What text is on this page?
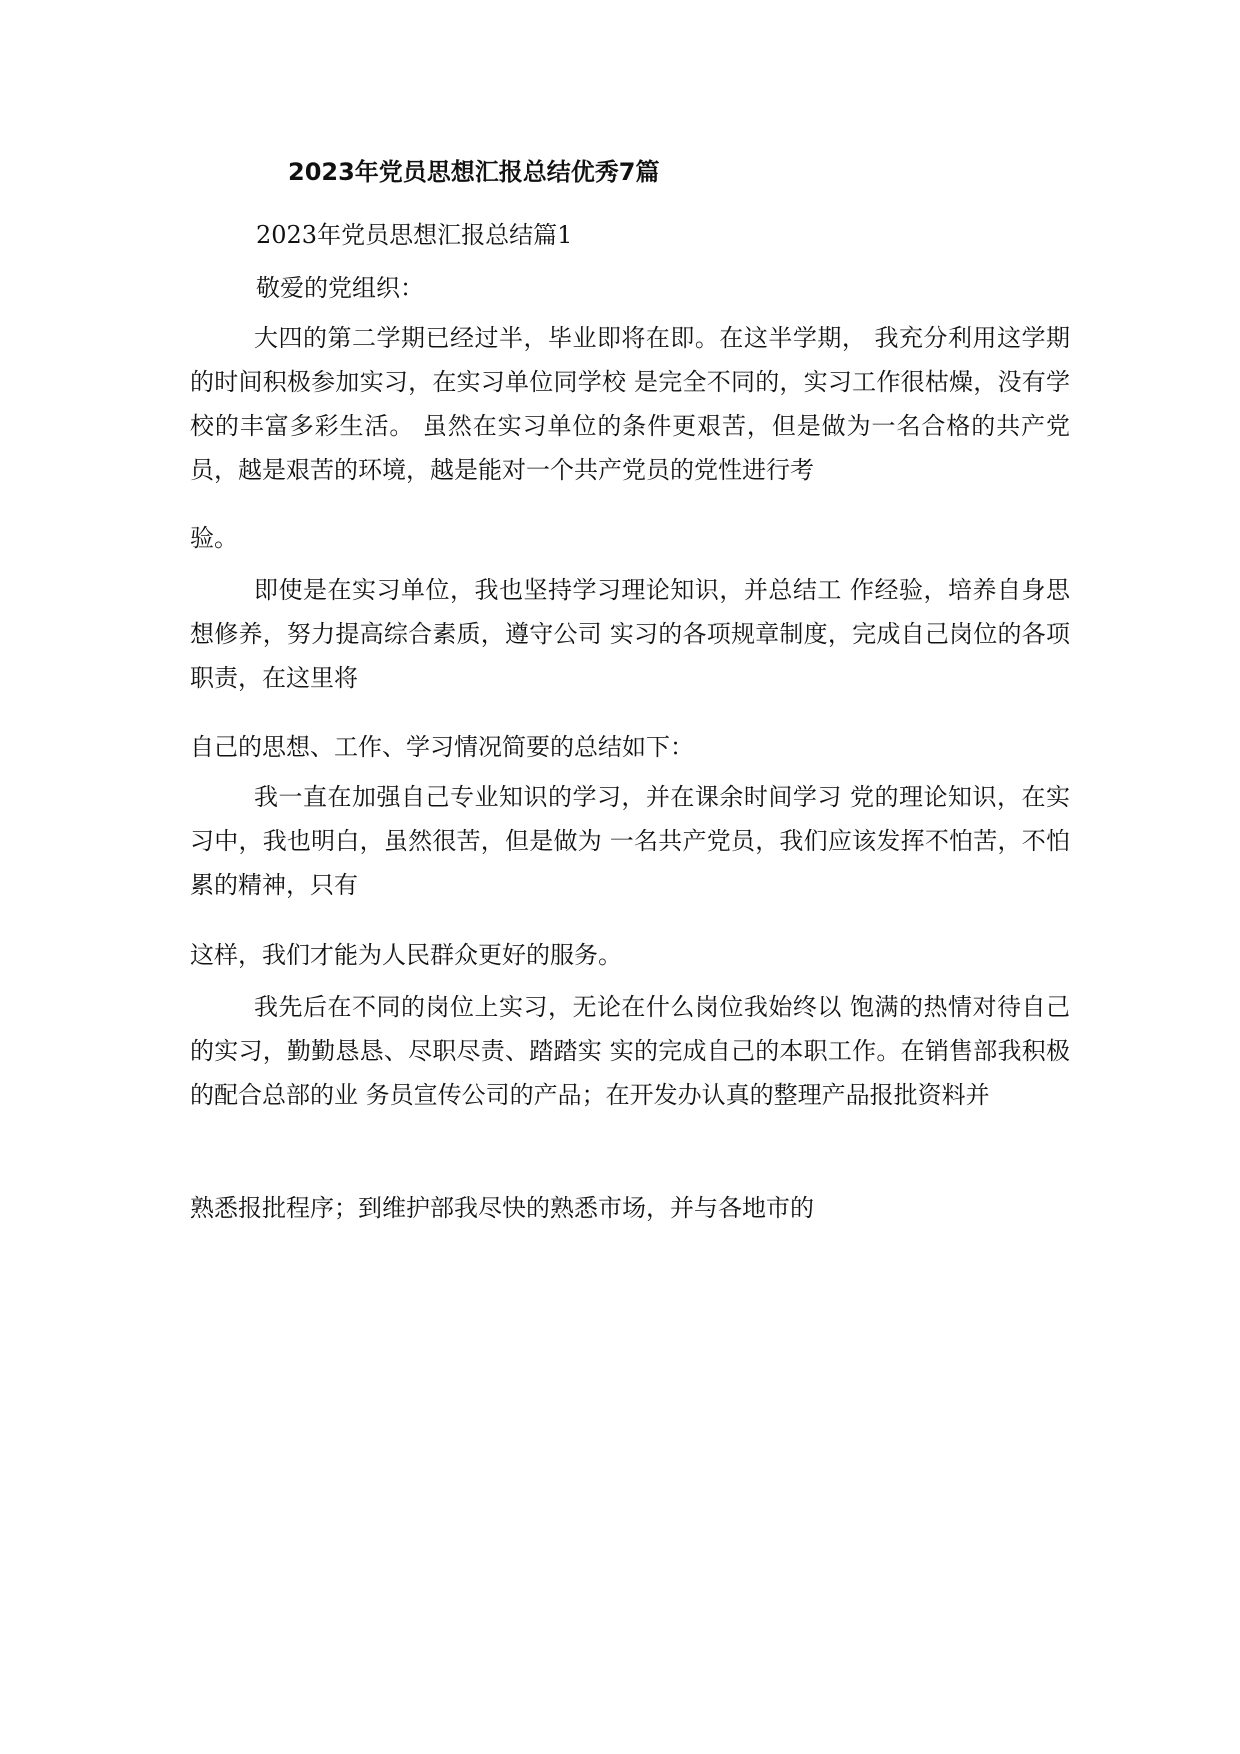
2023年党员思想汇报总结优秀7篇
2023年党员思想汇报总结篇1
敬爱的党组织：

大四的第二学期已经过半，毕业即将在即。在这半学期， 我充分利用这学期的时间积极参加实习，在实习单位同学校 是完全不同的，实习工作很枯燥，没有学校的丰富多彩生活。 虽然在实习单位的条件更艰苦，但是做为一名合格的共产党 员，越是艰苦的环境，越是能对一个共产党员的党性进行考

验。

即使是在实习单位，我也坚持学习理论知识，并总结工 作经验，培养自身思想修养，努力提高综合素质，遵守公司 实习的各项规章制度，完成自己岗位的各项职责，在这里将

自己的思想、工作、学习情况简要的总结如下：

我一直在加强自己专业知识的学习，并在课余时间学习 党的理论知识，在实习中，我也明白，虽然很苦，但是做为 一名共产党员，我们应该发挥不怕苦，不怕累的精神，只有

这样，我们才能为人民群众更好的服务。

我先后在不同的岗位上实习，无论在什么岗位我始终以 饱满的热情对待自己的实习，勤勤恳恳、尽职尽责、踏踏实 实的完成自己的本职工作。在销售部我积极的配合总部的业 务员宣传公司的产品；在开发办认真的整理产品报批资料并

熟悉报批程序；到维护部我尽快的熟悉市场，并与各地市的
